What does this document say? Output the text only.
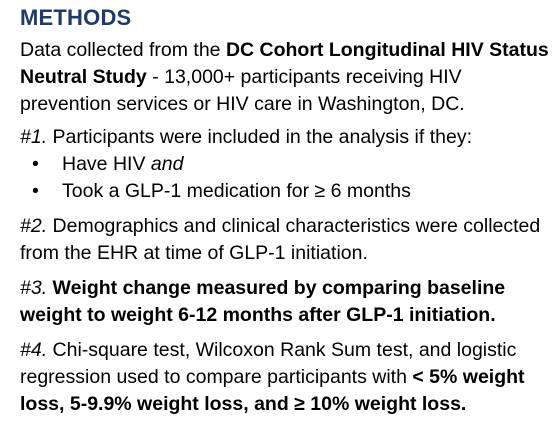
METHODS

Data collected from the DC Cohort Longitudinal HIV Status Neutral Study - 13,000+ participants receiving HIV prevention services or HIV care in Washington, DC.

#1. Participants were included in the analysis if they:

• Have HIV and
• Took a GLP-1 medication for ≥ 6 months

#2. Demographics and clinical characteristics were collected from the EHR at time of GLP-1 initiation.

#3. Weight change measured by comparing baseline weight to weight 6-12 months after GLP-1 initiation.

#4. Chi-square test, Wilcoxon Rank Sum test, and logistic regression used to compare participants with < 5% weight loss, 5-9.9% weight loss, and ≥ 10% weight loss.
